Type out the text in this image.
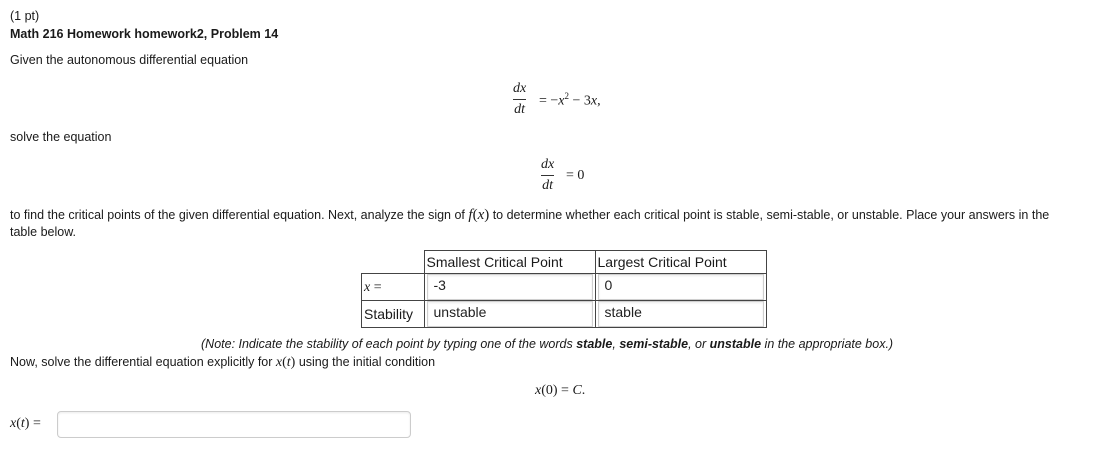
(1 pt)
Math 216 Homework homework2, Problem 14
Given the autonomous differential equation
dx
dt
= $-x^2 - 3x$,
solve the equation
dx
dt
= 0
to find the critical points of the given differential equation. Next, analyze the sign of f(x) to determine whether each critical point is stable, semi-stable, or unstable. Place your answers in the
table below.
	Smallest Critical Point	Largest Critical Point
x =	-3	0

Stability	unstable	stable
(Note: Indicate the stability of each point by typing one of the words stable, semi-stable, or unstable in the appropriate box.)
Now, solve the differential equation explicitly for x(t) using the initial condition
x(0) = C.
x(t) =
